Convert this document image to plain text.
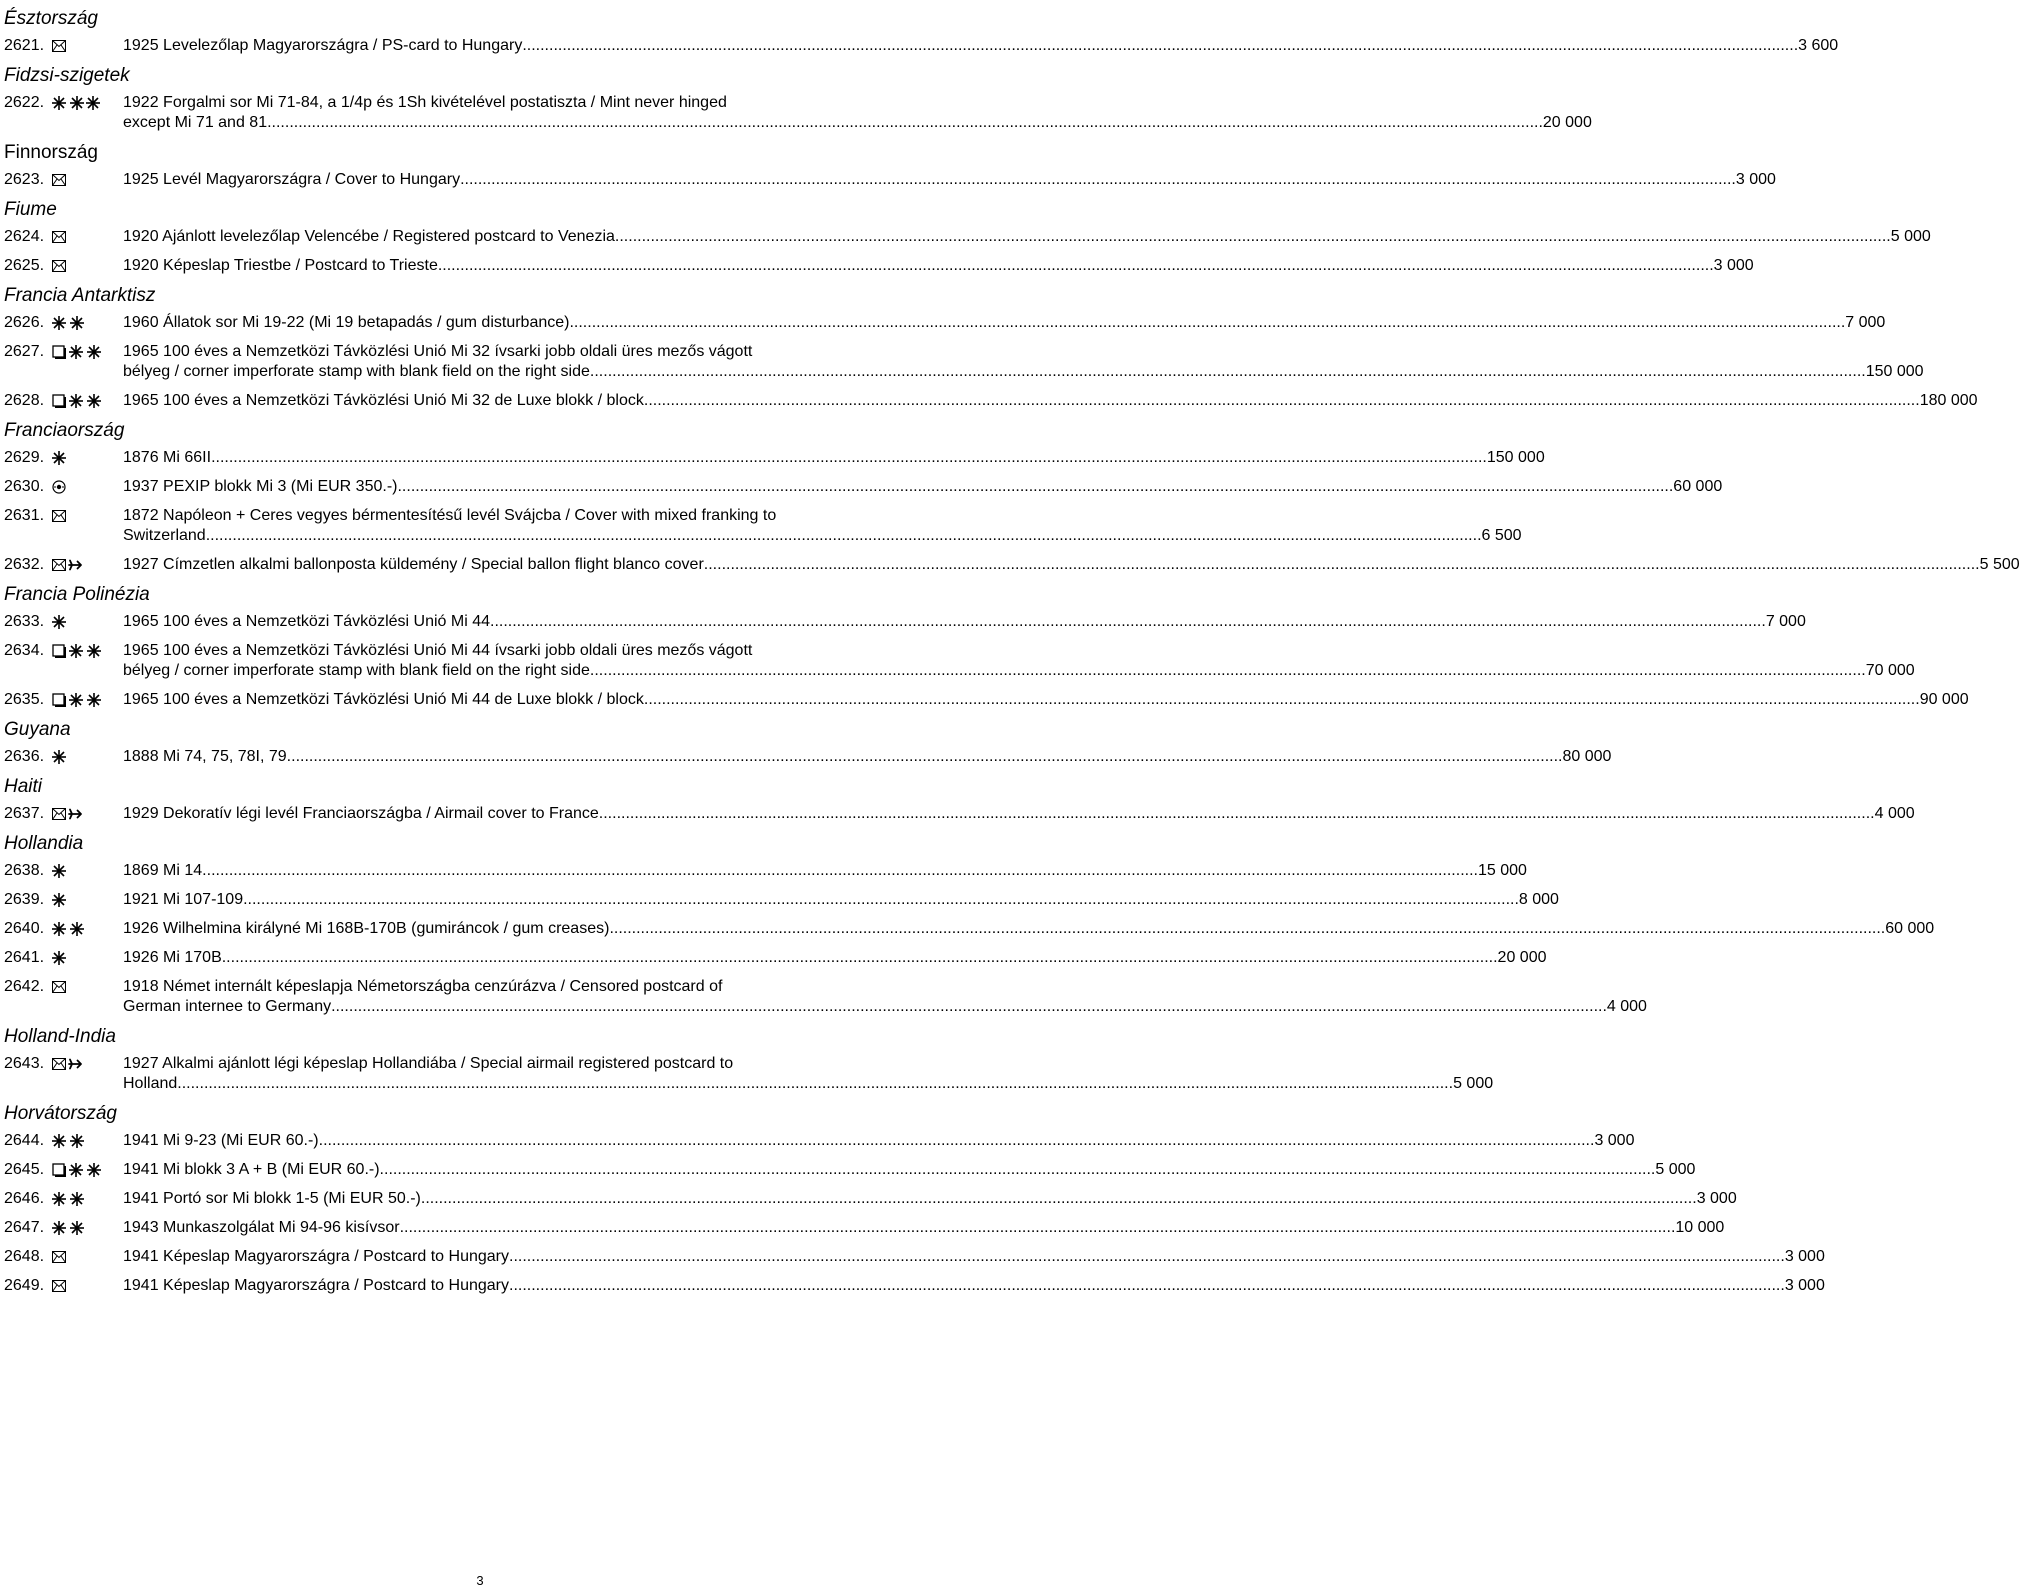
Észtország
2621.	1925 Levelezőlap Magyarországra / PS-card to Hungary .....	3 600
Fidzsi-szigetek
2622.	1922 Forgalmi sor Mi 71-84, a 1/4p és 1Sh kivételével postatiszta / Mint never hinged
except Mi 71 and 81 .....	20 000
Finnország
2623.	1925 Levél Magyarországra / Cover to Hungary .....	3 000
Fiume
2624.	1920 Ajánlott levelezőlap Velencébe / Registered postcard to Venezia .....	5 000
2625.	1920 Képeslap Triestbe / Postcard to Trieste .....	3 000
Francia Antarktisz
2626.	1960 Állatok sor Mi 19-22 (Mi 19 betapadás / gum disturbance) .....	7 000
2627.	1965 100 éves a Nemzetközi Távközlési Unió Mi 32 ívsarki jobb oldali üres mezős vágott
bélyeg / corner imperforate stamp with blank field on the right side .....	150 000
2628.	1965 100 éves a Nemzetközi Távközlési Unió Mi 32 de Luxe blokk / block .....	180 000
Franciaország
2629.	1876 Mi 66II .....	150 000
2630.	1937 PEXIP blokk Mi 3 (Mi EUR 350.-) .....	60 000
2631.	1872 Napóleon + Ceres vegyes bérmentesítésű levél Svájcba / Cover with mixed franking to
Switzerland .....	6 500
2632.	1927 Címzetlen alkalmi ballonposta küldemény / Special ballon flight blanco cover .....	5 500
Francia Polinézia
2633.	1965 100 éves a Nemzetközi Távközlési Unió Mi 44 .....	7 000
2634.	1965 100 éves a Nemzetközi Távközlési Unió Mi 44 ívsarki jobb oldali üres mezős vágott
bélyeg / corner imperforate stamp with blank field on the right side .....	70 000
2635.	1965 100 éves a Nemzetközi Távközlési Unió Mi 44 de Luxe blokk / block .....	90 000
Guyana
2636.	1888 Mi 74, 75, 78I, 79 .....	80 000
Haiti
2637.	1929 Dekoratív légi levél Franciaországba / Airmail cover to France .....	4 000
Hollandia
2638.	1869 Mi 14 .....	15 000
2639.	1921 Mi 107-109 .....	8 000
2640.	1926 Wilhelmina királyné Mi 168B-170B (gumiráncok / gum creases) .....	60 000
2641.	1926 Mi 170B .....	20 000
2642.	1918 Német internált képeslapja Németországba cenzúrázva / Censored postcard of
German internee to Germany .....	4 000
Holland-India
2643.	1927 Alkalmi ajánlott légi képeslap Hollandiába / Special airmail registered postcard to
Holland .....	5 000
Horvátország
2644.	1941 Mi 9-23 (Mi EUR 60.-) .....	3 000
2645.	1941 Mi blokk 3 A + B (Mi EUR 60.-) .....	5 000
2646.	1941 Portó sor Mi blokk 1-5 (Mi EUR 50.-) .....	3 000
2647.	1943 Munkaszolgálat Mi 94-96 kisívsor .....	10 000
2648.	1941 Képeslap Magyarországra / Postcard to Hungary .....	3 000
2649.	1941 Képeslap Magyarországra / Postcard to Hungary .....	3 000
3
